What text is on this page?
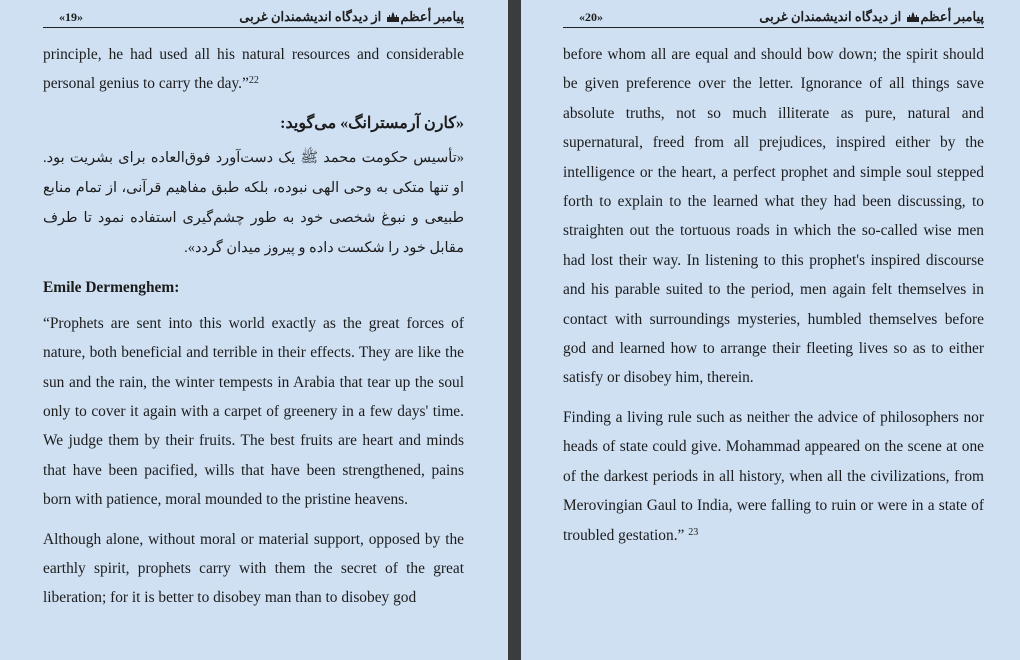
«19»	پیامبر أعظم از دیدگاه اندیشمندان غربی

principle, he had used all his natural resources and considerable personal genius to carry the day.”$^{22}$

«کارن آرمسترانگ» می‌گوید:
«تأسیس حکومت محمد ﷺ یک دست‌آورد فوق‌العاده برای بشریت بود. او تنها متکی به وحی الهی نبوده، بلکه طبق مفاهیم قرآنی، از تمام منابع طبیعی و نبوغ شخصی خود به طور چشم‌گیری استفاده نمود تا طرف مقابل خود را شکست داده و پیروز میدان گردد».
Emile Dermenghem:

“Prophets are sent into this world exactly as the great forces of nature, both beneficial and terrible in their effects. They are like the sun and the rain, the winter tempests in Arabia that tear up the soul only to cover it again with a carpet of greenery in a few days' time. We judge them by their fruits. The best fruits are heart and minds that have been pacified, wills that have been strengthened, pains born with patience, moral mounded to the pristine heavens.

Although alone, without moral or material support, opposed by the earthly spirit, prophets carry with them the secret of the great liberation; for it is better to disobey man than to disobey god

«20»	پیامبر أعظم از دیدگاه اندیشمندان غربی

before whom all are equal and should bow down; the spirit should be given preference over the letter. Ignorance of all things save absolute truths, not so much illiterate as pure, natural and supernatural, freed from all prejudices, inspired either by the intelligence or the heart, a perfect prophet and simple soul stepped forth to explain to the learned what they had been discussing, to straighten out the tortuous roads in which the so-called wise men had lost their way. In listening to this prophet's inspired discourse and his parable suited to the period, men again felt themselves in contact with surroundings mysteries, humbled themselves before god and learned how to arrange their fleeting lives so as to either satisfy or disobey him, therein.

Finding a living rule such as neither the advice of philosophers nor heads of state could give. Mohammad appeared on the scene at one of the darkest periods in all history, when all the civilizations, from Merovingian Gaul to India, were falling to ruin or were in a state of troubled gestation.” $^{23}$
